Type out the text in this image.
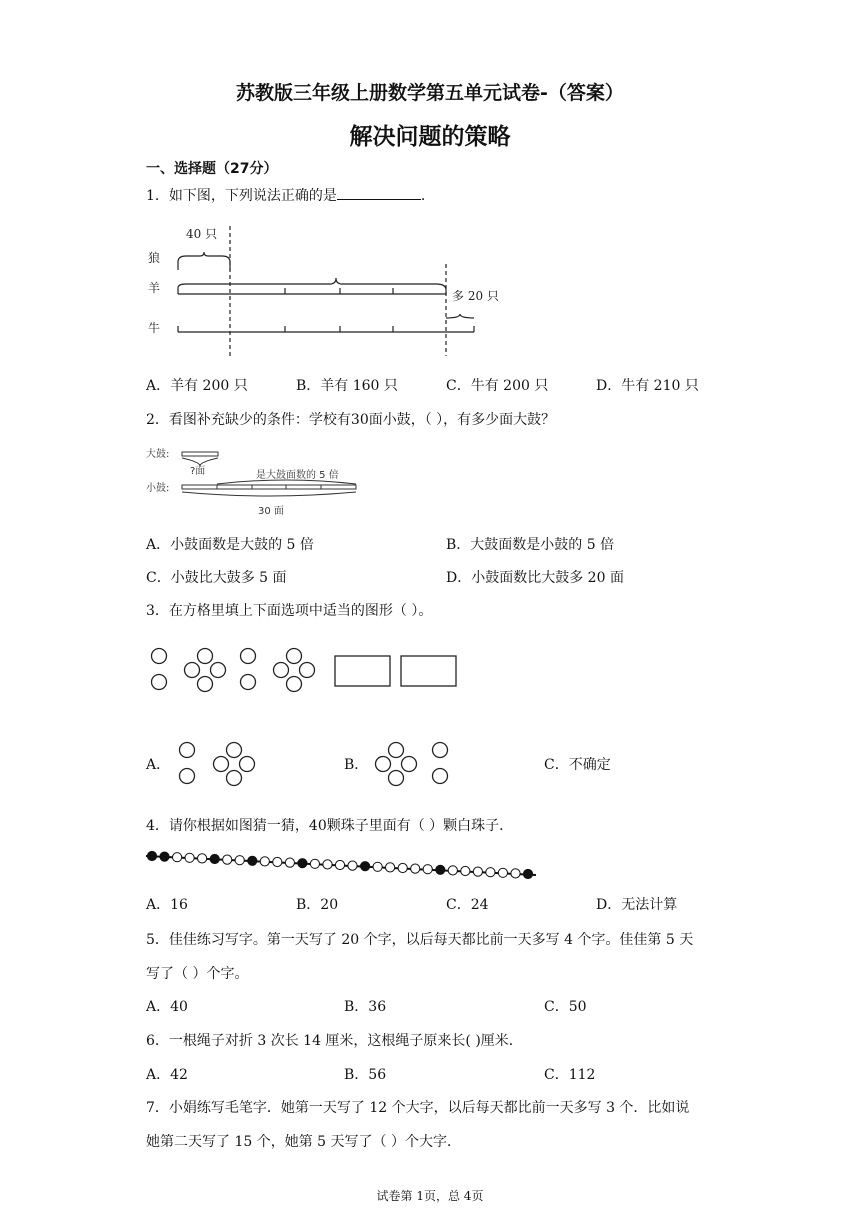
苏教版三年级上册数学第五单元试卷-（答案）
解决问题的策略
一、选择题（27分）
1．如下图，下列说法正确的是	．
40 只
狼
羊
牛
多 20 只
A．羊有 200 只	B．羊有 160 只	C．牛有 200 只	D．牛有 210 只
2．看图补充缺少的条件：学校有30面小鼓，（ ），有多少面大鼓？
大鼓:
?面
小鼓:
是大鼓面数的 5 倍
30 面
A．小鼓面数是大鼓的 5 倍	B．大鼓面数是小鼓的 5 倍
C．小鼓比大鼓多 5 面	D．小鼓面数比大鼓多 20 面
3．在方格里填上下面选项中适当的图形（ ）。
A．	B．	C．不确定
4．请你根据如图猜一猜，40颗珠子里面有（ ）颗白珠子．
A．16	B．20	C．24	D．无法计算
5．佳佳练习写字。第一天写了 20 个字，以后每天都比前一天多写 4 个字。佳佳第 5 天
写了（ ）个字。
A．40	B．36	C．50
6．一根绳子对折 3 次长 14 厘米，这根绳子原来长( )厘米．
A．42	B．56	C．112
7．小娟练写毛笔字．她第一天写了 12 个大字，以后每天都比前一天多写 3 个．比如说
她第二天写了 15 个，她第 5 天写了（ ）个大字．
试卷第 1页，总 4页
